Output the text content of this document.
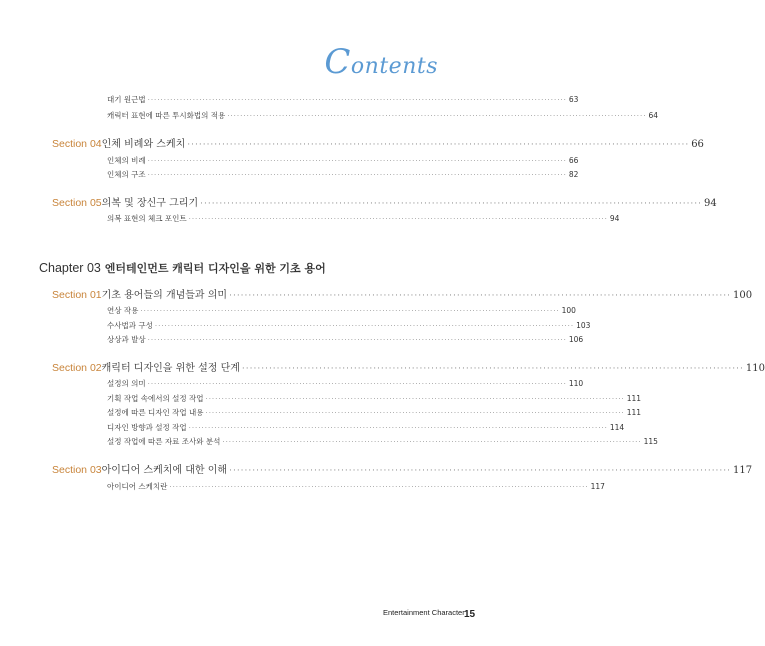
Contents
대기 원근법 ·································································································································· 63
캐릭터 표현에 따른 투시화법의 적용 ·································································································································· 64
Section 04 인체 비례와 스케치 ·································································································································· 66
인체의 비례 ·································································································································· 66
인체의 구조 ·································································································································· 82
Section 05 의복 및 장신구 그리기 ·································································································································· 94
의복 표현의 체크 포인트 ·································································································································· 94
Chapter 03 엔터테인먼트 캐릭터 디자인을 위한 기초 용어
Section 01 기초 용어들의 개념들과 의미 ·································································································································· 100
연상 작용 ·································································································································· 100
수사법과 구성 ·································································································································· 103
상상과 발상 ·································································································································· 106
Section 02 캐릭터 디자인을 위한 설정 단계 ·································································································································· 110
설정의 의미 ·································································································································· 110
기획 작업 속에서의 설정 작업 ·································································································································· 111
설정에 따른 디자인 작업 내용 ·································································································································· 111
디자인 방향과 설정 작업 ·································································································································· 114
설정 작업에 따른 자료 조사와 분석 ·································································································································· 115
Section 03 아이디어 스케치에 대한 이해 ·································································································································· 117
아이디어 스케치란 ·································································································································· 117
Entertainment Character 15
